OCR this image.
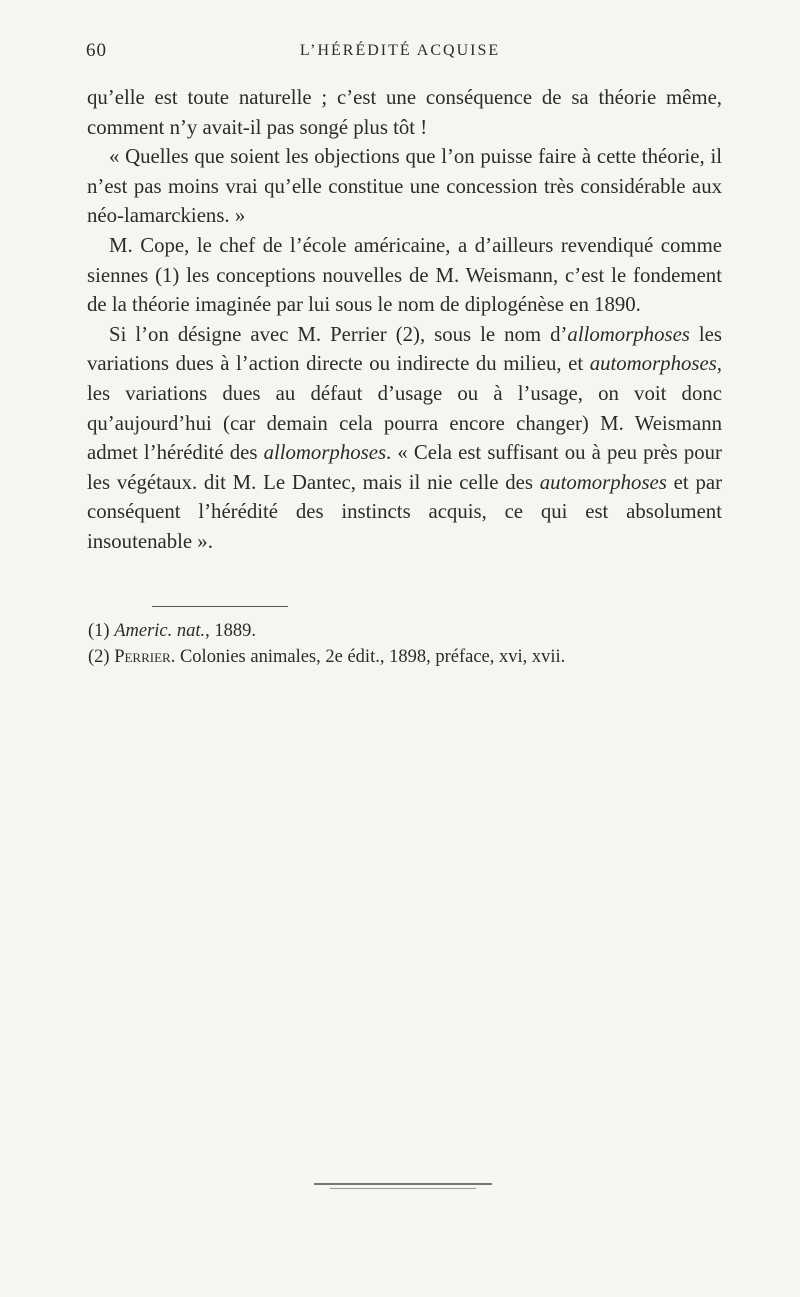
60	L’HÉRÉDITÉ ACQUISE

qu’elle est toute naturelle ; c’est une conséquence de sa théorie même, comment n’y avait-il pas songé plus tôt !

« Quelles que soient les objections que l’on puisse faire à cette théorie, il n’est pas moins vrai qu’elle constitue une concession très considérable aux néo-lamarckiens. »

M. Cope, le chef de l’école américaine, a d’ailleurs revendiqué comme siennes (1) les conceptions nouvelles de M. Weismann, c’est le fondement de la théorie imaginée par lui sous le nom de diplogénèse en 1890.

Si l’on désigne avec M. Perrier (2), sous le nom d’allomorphoses les variations dues à l’action directe ou indirecte du milieu, et automorphoses, les variations dues au défaut d’usage ou à l’usage, on voit donc qu’aujourd’hui (car demain cela pourra encore changer) M. Weismann admet l’hérédité des allomorphoses. « Cela est suffisant ou à peu près pour les végétaux. dit M. Le Dantec, mais il nie celle des automorphoses et par conséquent l’hérédité des instincts acquis, ce qui est absolument insoutenable ».

(1) Americ. nat., 1889.

(2) Perrier. Colonies animales, 2e édit., 1898, préface, xvi, xvii.
